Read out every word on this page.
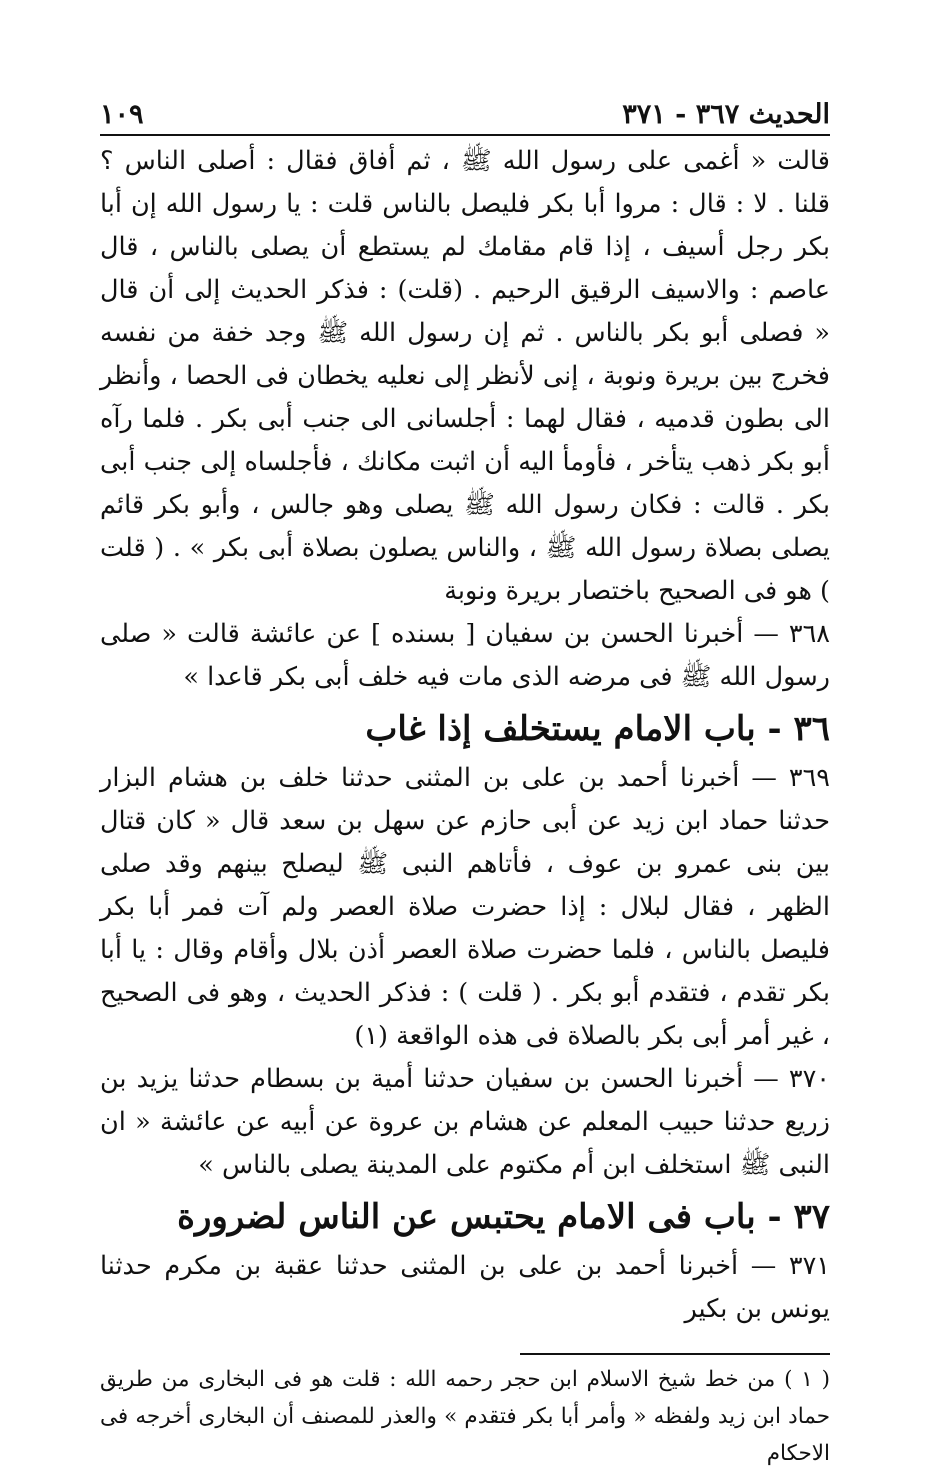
الحديث ٣٦٧ - ٣٧١
١٠٩

قالت « أغمى على رسول الله ﷺ ، ثم أفاق فقال : أصلى الناس ؟ قلنا . لا : قال : مروا أبا بكر فليصل بالناس قلت : يا رسول الله إن أبا بكر رجل أسيف ، إذا قام مقامك لم يستطع أن يصلى بالناس ، قال عاصم : والاسيف الرقيق الرحيم . (قلت) : فذكر الحديث إلى أن قال « فصلى أبو بكر بالناس . ثم إن رسول الله ﷺ وجد خفة من نفسه فخرج بين بريرة ونوبة ، إنى لأنظر إلى نعليه يخطان فى الحصا ، وأنظر الى بطون قدميه ، فقال لهما : أجلسانى الى جنب أبى بكر . فلما رآه أبو بكر ذهب يتأخر ، فأومأ اليه أن اثبت مكانك ، فأجلساه إلى جنب أبى بكر . قالت : فكان رسول الله ﷺ يصلى وهو جالس ، وأبو بكر قائم يصلى بصلاة رسول الله ﷺ ، والناس يصلون بصلاة أبى بكر » . ( قلت ) هو فى الصحيح باختصار بريرة ونوبة

٣٦٨ — أخبرنا الحسن بن سفيان [ بسنده ] عن عائشة قالت « صلى رسول الله ﷺ فى مرضه الذى مات فيه خلف أبى بكر قاعدا »

٣٦ - باب الامام يستخلف إذا غاب

٣٦٩ — أخبرنا أحمد بن على بن المثنى حدثنا خلف بن هشام البزار حدثنا حماد ابن زيد عن أبى حازم عن سهل بن سعد قال « كان قتال بين بنى عمرو بن عوف ، فأتاهم النبى ﷺ ليصلح بينهم وقد صلى الظهر ، فقال لبلال : إذا حضرت صلاة العصر ولم آت فمر أبا بكر فليصل بالناس ، فلما حضرت صلاة العصر أذن بلال وأقام وقال : يا أبا بكر تقدم ، فتقدم أبو بكر . ( قلت ) : فذكر الحديث ، وهو فى الصحيح ، غير أمر أبى بكر بالصلاة فى هذه الواقعة (١)

٣٧٠ — أخبرنا الحسن بن سفيان حدثنا أمية بن بسطام حدثنا يزيد بن زريع حدثنا حبيب المعلم عن هشام بن عروة عن أبيه عن عائشة « ان النبى ﷺ استخلف ابن أم مكتوم على المدينة يصلى بالناس »

٣٧ - باب فى الامام يحتبس عن الناس لضرورة

٣٧١ — أخبرنا أحمد بن على بن المثنى حدثنا عقبة بن مكرم حدثنا يونس بن بكير

( ١ ) من خط شيخ الاسلام ابن حجر رحمه الله : قلت هو فى البخارى من طريق حماد ابن زيد ولفظه « وأمر أبا بكر فتقدم » والعذر للمصنف أن البخارى أخرجه فى الاحكام
